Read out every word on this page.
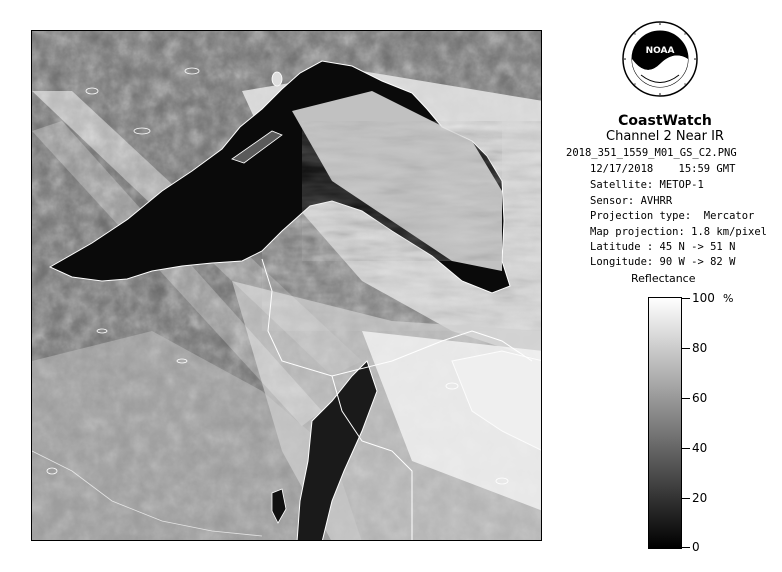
NOAA
CoastWatch
Channel 2 Near IR
2018_351_1559_M01_GS_C2.PNG
12/17/2018    15:59 GMT
Satellite: METOP-1
Sensor: AVHRR
Projection type:  Mercator
Map projection: 1.8 km/pixel
Latitude : 45 N -> 51 N
Longitude: 90 W -> 82 W
Reflectance
%
100
80
60
40
20
0
